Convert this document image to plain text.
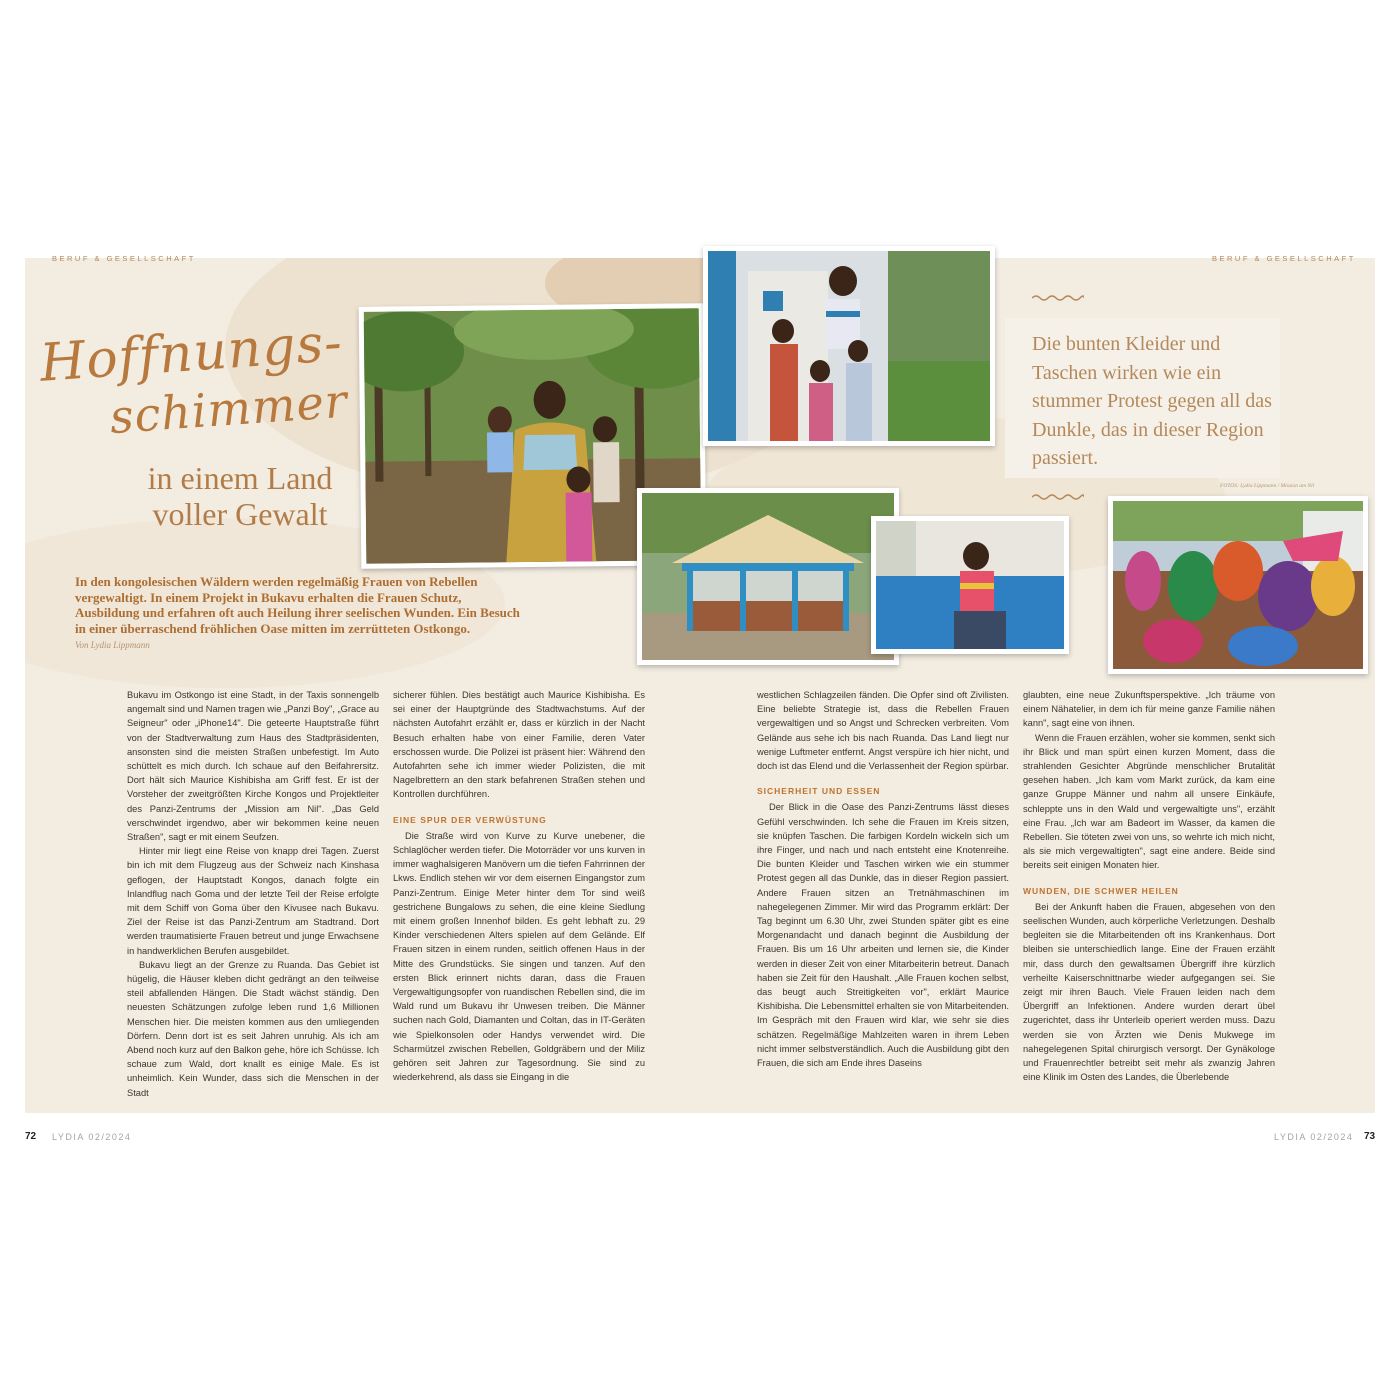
BERUF & GESELLSCHAFT	BERUF & GESELLSCHAFT
Hoffnungs-
schimmer
in einem Land voller Gewalt
In den kongolesischen Wäldern werden regelmäßig Frauen von Rebellen vergewaltigt. In einem Projekt in Bukavu erhalten die Frauen Schutz, Ausbildung und erfahren oft auch Heilung ihrer seelischen Wunden. Ein Besuch in einer überraschend fröhlichen Oase mitten im zerrütteten Ostkongo.
Von Lydia Lippmann
Die bunten Kleider und Taschen wirken wie ein stummer Protest gegen all das Dunkle, das in dieser Region passiert.
FOTOS: Lydia Lippmann / Mission am Nil

Bukavu im Ostkongo ist eine Stadt, in der Taxis sonnengelb angemalt sind und Namen tragen wie „Panzi Boy", „Grace au Seigneur" oder „iPhone14". Die geteerte Hauptstraße führt von der Stadtverwaltung zum Haus des Stadtpräsidenten, ansonsten sind die meisten Straßen unbefestigt. Im Auto schüttelt es mich durch. Ich schaue auf den Beifahrersitz. Dort hält sich Maurice Kishibisha am Griff fest. Er ist der Vorsteher der zweitgrößten Kirche Kongos und Projektleiter des Panzi-Zentrums der „Mission am Nil". „Das Geld verschwindet irgendwo, aber wir bekommen keine neuen Straßen", sagt er mit einem Seufzen.

Hinter mir liegt eine Reise von knapp drei Tagen. Zuerst bin ich mit dem Flugzeug aus der Schweiz nach Kinshasa geflogen, der Hauptstadt Kongos, danach folgte ein Inlandflug nach Goma und der letzte Teil der Reise erfolgte mit dem Schiff von Goma über den Kivusee nach Bukavu. Ziel der Reise ist das Panzi-Zentrum am Stadtrand. Dort werden traumatisierte Frauen betreut und junge Erwachsene in handwerklichen Berufen ausgebildet.

Bukavu liegt an der Grenze zu Ruanda. Das Gebiet ist hügelig, die Häuser kleben dicht gedrängt an den teilweise steil abfallenden Hängen. Die Stadt wächst ständig. Den neuesten Schätzungen zufolge leben rund 1,6 Millionen Menschen hier. Die meisten kommen aus den umliegenden Dörfern. Denn dort ist es seit Jahren unruhig. Als ich am Abend noch kurz auf den Balkon gehe, höre ich Schüsse. Ich schaue zum Wald, dort knallt es einige Male. Es ist unheimlich. Kein Wunder, dass sich die Menschen in der Stadt

sicherer fühlen. Dies bestätigt auch Maurice Kishibisha. Es sei einer der Hauptgründe des Stadtwachstums. Auf der nächsten Autofahrt erzählt er, dass er kürzlich in der Nacht Besuch erhalten habe von einer Familie, deren Vater erschossen wurde. Die Polizei ist präsent hier: Während den Autofahrten sehe ich immer wieder Polizisten, die mit Nagelbrettern an den stark befahrenen Straßen stehen und Kontrollen durchführen.

EINE SPUR DER VERWÜSTUNG

Die Straße wird von Kurve zu Kurve unebener, die Schlaglöcher werden tiefer. Die Motorräder vor uns kurven in immer waghalsigeren Manövern um die tiefen Fahrrinnen der Lkws. Endlich stehen wir vor dem eisernen Eingangstor zum Panzi-Zentrum. Einige Meter hinter dem Tor sind weiß gestrichene Bungalows zu sehen, die eine kleine Siedlung mit einem großen Innenhof bilden. Es geht lebhaft zu. 29 Kinder verschiedenen Alters spielen auf dem Gelände. Elf Frauen sitzen in einem runden, seitlich offenen Haus in der Mitte des Grundstücks. Sie singen und tanzen. Auf den ersten Blick erinnert nichts daran, dass die Frauen Vergewaltigungsopfer von ruandischen Rebellen sind, die im Wald rund um Bukavu ihr Unwesen treiben. Die Männer suchen nach Gold, Diamanten und Coltan, das in IT-Geräten wie Spielkonsolen oder Handys verwendet wird. Die Scharmützel zwischen Rebellen, Goldgräbern und der Miliz gehören seit Jahren zur Tagesordnung. Sie sind zu wiederkehrend, als dass sie Eingang in die

westlichen Schlagzeilen fänden. Die Opfer sind oft Zivilisten. Eine beliebte Strategie ist, dass die Rebellen Frauen vergewaltigen und so Angst und Schrecken verbreiten. Vom Gelände aus sehe ich bis nach Ruanda. Das Land liegt nur wenige Luftmeter entfernt. Angst verspüre ich hier nicht, und doch ist das Elend und die Verlassenheit der Region spürbar.

SICHERHEIT UND ESSEN

Der Blick in die Oase des Panzi-Zentrums lässt dieses Gefühl verschwinden. Ich sehe die Frauen im Kreis sitzen, sie knüpfen Taschen. Die farbigen Kordeln wickeln sich um ihre Finger, und nach und nach entsteht eine Knotenreihe. Die bunten Kleider und Taschen wirken wie ein stummer Protest gegen all das Dunkle, das in dieser Region passiert. Andere Frauen sitzen an Tretnähmaschinen im nahegelegenen Zimmer. Mir wird das Programm erklärt: Der Tag beginnt um 6.30 Uhr, zwei Stunden später gibt es eine Morgenandacht und danach beginnt die Ausbildung der Frauen. Bis um 16 Uhr arbeiten und lernen sie, die Kinder werden in dieser Zeit von einer Mitarbeiterin betreut. Danach haben sie Zeit für den Haushalt. „Alle Frauen kochen selbst, das beugt auch Streitigkeiten vor", erklärt Maurice Kishibisha. Die Lebensmittel erhalten sie von Mitarbeitenden. Im Gespräch mit den Frauen wird klar, wie sehr sie dies schätzen. Regelmäßige Mahlzeiten waren in ihrem Leben nicht immer selbstverständlich. Auch die Ausbildung gibt den Frauen, die sich am Ende ihres Daseins

glaubten, eine neue Zukunftsperspektive. „Ich träume von einem Nähatelier, in dem ich für meine ganze Familie nähen kann", sagt eine von ihnen.

Wenn die Frauen erzählen, woher sie kommen, senkt sich ihr Blick und man spürt einen kurzen Moment, dass die strahlenden Gesichter Abgründe menschlicher Brutalität gesehen haben. „Ich kam vom Markt zurück, da kam eine ganze Gruppe Männer und nahm all unsere Einkäufe, schleppte uns in den Wald und vergewaltigte uns", erzählt eine Frau. „Ich war am Badeort im Wasser, da kamen die Rebellen. Sie töteten zwei von uns, so wehrte ich mich nicht, als sie mich vergewaltigten", sagt eine andere. Beide sind bereits seit einigen Monaten hier.

WUNDEN, DIE SCHWER HEILEN

Bei der Ankunft haben die Frauen, abgesehen von den seelischen Wunden, auch körperliche Verletzungen. Deshalb begleiten sie die Mitarbeitenden oft ins Krankenhaus. Dort bleiben sie unterschiedlich lange. Eine der Frauen erzählt mir, dass durch den gewaltsamen Übergriff ihre kürzlich verheilte Kaiserschnittnarbe wieder aufgegangen sei. Sie zeigt mir ihren Bauch. Viele Frauen leiden nach dem Übergriff an Infektionen. Andere wurden derart übel zugerichtet, dass ihr Unterleib operiert werden muss. Dazu werden sie von Ärzten wie Denis Mukwege im nahegelegenen Spital chirurgisch versorgt. Der Gynäkologe und Frauenrechtler betreibt seit mehr als zwanzig Jahren eine Klinik im Osten des Landes, die Überlebende

72 LYDIA 02/2024	LYDIA 02/2024 73
